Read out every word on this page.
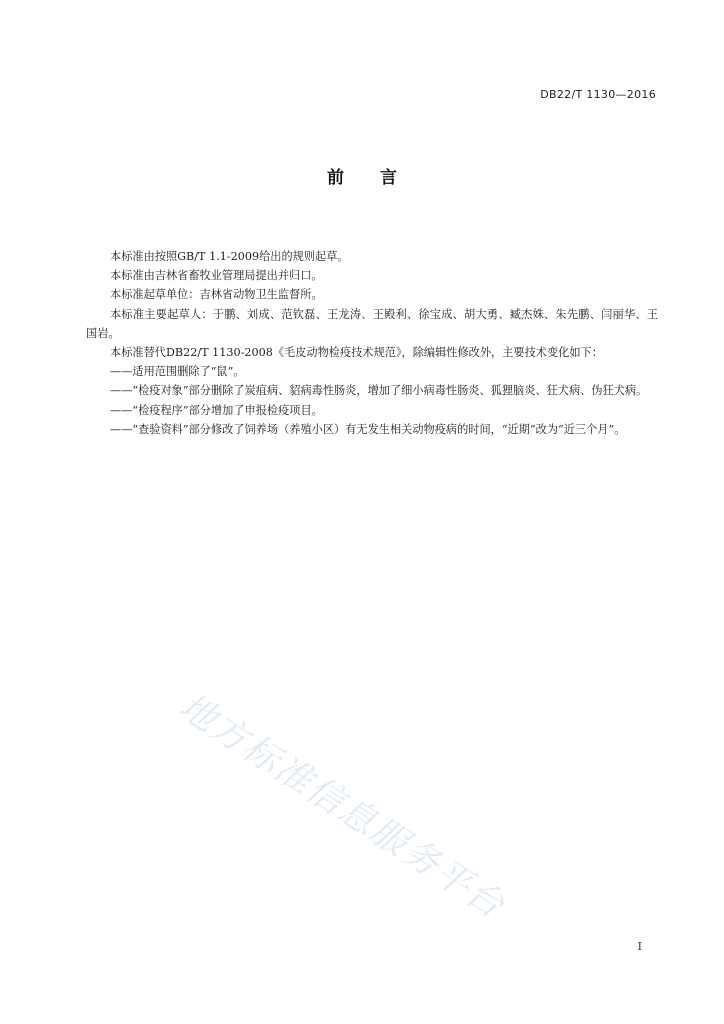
DB22/T 1130—2016
前 言

本标准由按照GB/T 1.1-2009给出的规则起草。

本标准由吉林省畜牧业管理局提出并归口。

本标准起草单位：吉林省动物卫生监督所。

本标准主要起草人：于鹏、刘成、范钦磊、王龙涛、王殿利、徐宝成、胡大勇、臧杰姝、朱先鹏、闫丽华、王国岩。

本标准替代DB22/T 1130-2008《毛皮动物检疫技术规范》，除编辑性修改外，主要技术变化如下：

——适用范围删除了“鼠”。

——“检疫对象”部分删除了炭疽病、貂病毒性肠炎，增加了细小病毒性肠炎、狐狸脑炎、狂犬病、伪狂犬病。

——“检疫程序”部分增加了申报检疫项目。

——“查验资料”部分修改了饲养场（养殖小区）有无发生相关动物疫病的时间，“近期”改为“近三个月”。

地方标准信息服务平台
I
